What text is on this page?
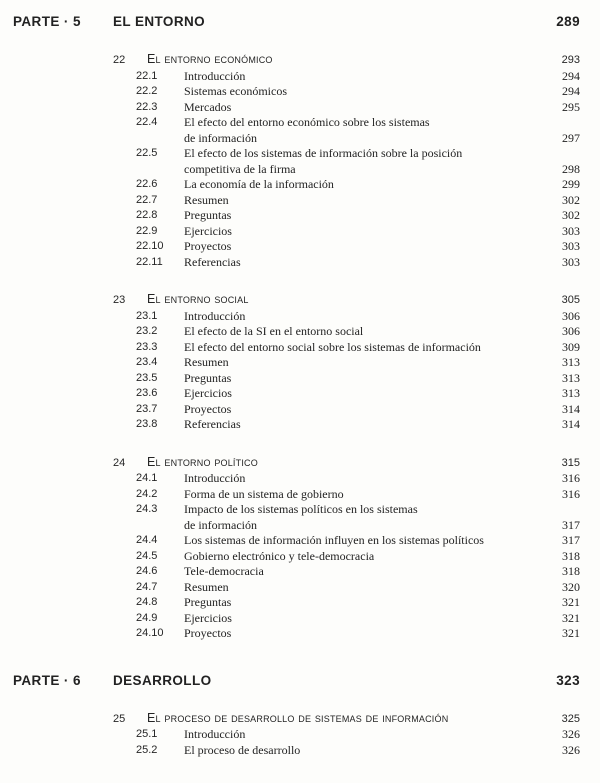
PARTE · 5	EL ENTORNO	289
22	El entorno económico	293
22.1	Introducción	294
22.2	Sistemas económicos	294
22.3	Mercados	295
22.4	El efecto del entorno económico sobre los sistemas
de información	297
22.5	El efecto de los sistemas de información sobre la posición
competitiva de la firma	298
22.6	La economía de la información	299
22.7	Resumen	302
22.8	Preguntas	302
22.9	Ejercicios	303
22.10	Proyectos	303
22.11	Referencias	303
23	El entorno social	305
23.1	Introducción	306
23.2	El efecto de la SI en el entorno social	306
23.3	El efecto del entorno social sobre los sistemas de información	309
23.4	Resumen	313
23.5	Preguntas	313
23.6	Ejercicios	313
23.7	Proyectos	314
23.8	Referencias	314
24	El entorno político	315
24.1	Introducción	316
24.2	Forma de un sistema de gobierno	316
24.3	Impacto de los sistemas políticos en los sistemas
de información	317
24.4	Los sistemas de información influyen en los sistemas políticos	317
24.5	Gobierno electrónico y tele-democracia	318
24.6	Tele-democracia	318
24.7	Resumen	320
24.8	Preguntas	321
24.9	Ejercicios	321
24.10	Proyectos	321
PARTE · 6	DESARROLLO	323
25	El proceso de desarrollo de sistemas de información	325
25.1	Introducción	326
25.2	El proceso de desarrollo	326
